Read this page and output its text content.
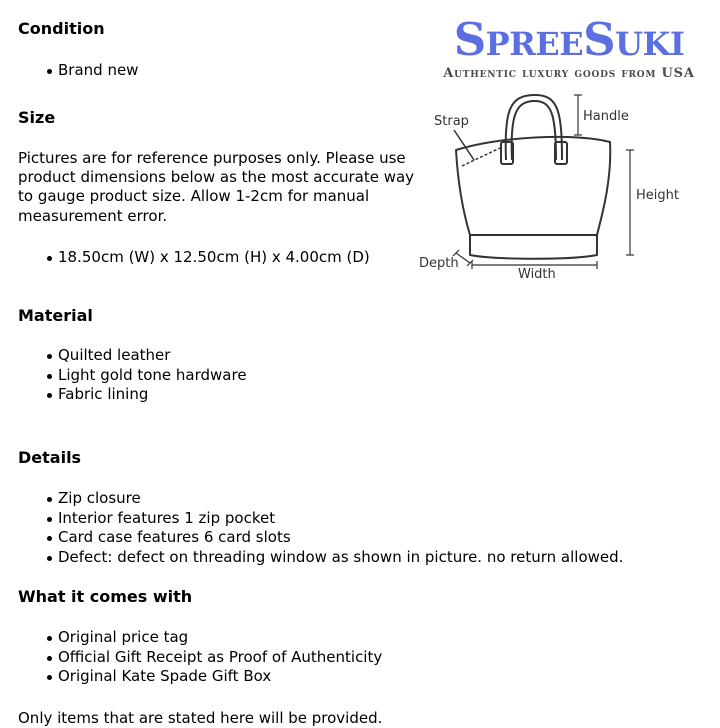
Condition
Brand new
Size

Pictures are for reference purposes only. Please use product dimensions below as the most accurate way to gauge product size. Allow 1-2cm for manual measurement error.

18.50cm (W) x 12.50cm (H) x 4.00cm (D)
Material
Quilted leather
Light gold tone hardware
Fabric lining
Details
Zip closure
Interior features 1 zip pocket
Card case features 6 card slots
Defect: defect on threading window as shown in picture. no return allowed.
What it comes with
Original price tag
Official Gift Receipt as Proof of Authenticity
Original Kate Spade Gift Box

Only items that are stated here will be provided.

SpreeSuki
Authentic luxury goods from USA
Strap	Handle
Height
Depth
Width
